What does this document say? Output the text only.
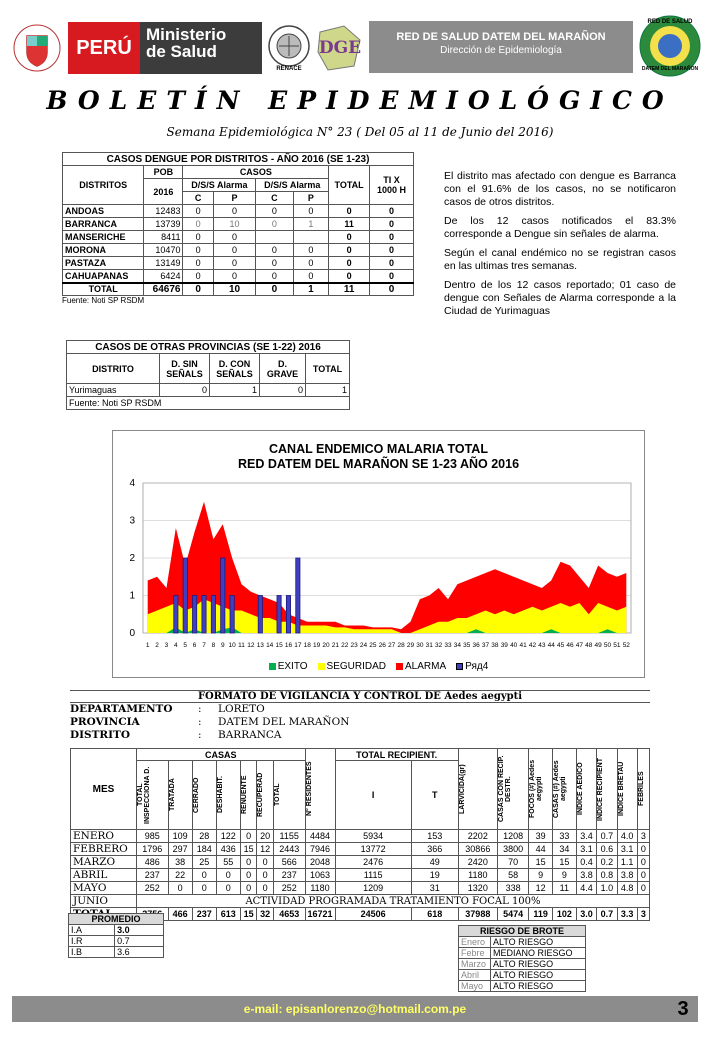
PERÚ
Ministerio
de Salud
RENACE
DGE
RED DE SALUD DATEM DEL MARAÑON
Dirección de Epidemiología
RED DE SALUD
DATEM DEL MARAÑON
BOLETÍN EPIDEMIOLÓGICO
Semana Epidemiológica N° 23 ( Del 05 al 11 de Junio del 2016)
CASOS DENGUE POR DISTRITOS - AÑO 2016 (SE 1-23)							
DISTRITOS	POB	CASOS				TOTAL	TI X 1000 H
	2016	D/S/S Alarma		D/S/S Alarma			
		C	P	C	P		
ANDOAS	12483	0	0	0	0	0	0
BARRANCA	13739	0	10	0	1	11	0
MANSERICHE	8411	0	0			0	0
MORONA	10470	0	0	0	0	0	0
PASTAZA	13149	0	0	0	0	0	0
CAHUAPANAS	6424	0	0	0	0	0	0
TOTAL	64676	0	10	0	1	11	0
Fuente: Noti SP RSDM

El distrito mas afectado con dengue es Barranca con el 91.6% de los casos, no se notificaron casos de otros distritos.

De los 12 casos notificados el 83.3% corresponde a Dengue sin señales de alarma.

Según el canal endémico no se registran casos en las ultimas tres semanas.

Dentro de los 12 casos reportado; 01 caso de dengue con Señales de Alarma corresponde a la Ciudad de Yurimaguas

CASOS DE OTRAS PROVINCIAS (SE 1-22) 2016				
DISTRITO	D. SIN SEÑALS	D. CON SEÑALS	D. GRAVE	TOTAL
Yurimaguas	0	1	0	1
Fuente: Noti SP RSDM				
CANAL ENDEMICO MALARIA TOTAL
RED DATEM DEL MARAÑON SE 1-23 AÑO 2016
0
1
2
3
4
1 2 3 4 5 6 7 8 9 10 11 12 13 14 15 16 17 18 19 20 21 22 23 24 25 26 27 28 29 30 31 32 33 34 35 36 37 38 39 40 41 42 43 44 45 46 47 48 49 50 51 52
EXITO	SEGURIDAD	ALARMA	Ряд4
FORMATO DE VIGILANCIA Y CONTROL DE Aedes aegypti
DEPARTAMENTO	:	LORETO
PROVINCIA	:	DATEM DEL MARAÑON
DISTRITO	:	BARRANCA
MES	CASAS							N° RESIDENTES	TOTAL RECIPIENT.		LARVICIDA(gr)	CASAS CON RECIP. DESTR.	FOCOS (#) Aedes aegypti	CASAS (#) Aedes aegypti	INDICE AEDICO	INDICE RECIPIENT	INDICE BRETAU	FEBRILES

	TOTAL INSPECCIONA D.	TRATADA	CERRADO	DESHABIT.	RENUENTE	RECUPERAD	TOTAL											

									I	T								
ENERO	985	109	28	122	0	20	1155	4484	5934	153	2202	1208	39	33	3.4	0.7	4.0	3
FEBRERO	1796	297	184	436	15	12	2443	7946	13772	366	30866	3800	44	34	3.1	0.6	3.1	0
MARZO	486	38	25	55	0	0	566	2048	2476	49	2420	70	15	15	0.4	0.2	1.1	0
ABRIL	237	22	0	0	0	0	237	1063	1115	19	1180	58	9	9	3.8	0.8	3.8	0
MAYO	252	0	0	0	0	0	252	1180	1209	31	1320	338	12	11	4.4	1.0	4.8	0
JUNIO	ACTIVIDAD PROGRAMADA TRATAMIENTO FOCAL 100%																	
		466	237	613	15	32	4653	16721	24506	618	37988	5474	119	102	3.0	0.7	3.3	3
PROMEDIO	
I.A	3.0
I.R	0.7
I.B	3.6
RIESGO DE BROTE	
Enero	ALTO RIESGO
Febre	MEDIANO RIESGO
Marzo	ALTO RIESGO
Abril	ALTO RIESGO
Mayo	ALTO RIESGO
e-mail: episanlorenzo@hotmail.com.pe	3
